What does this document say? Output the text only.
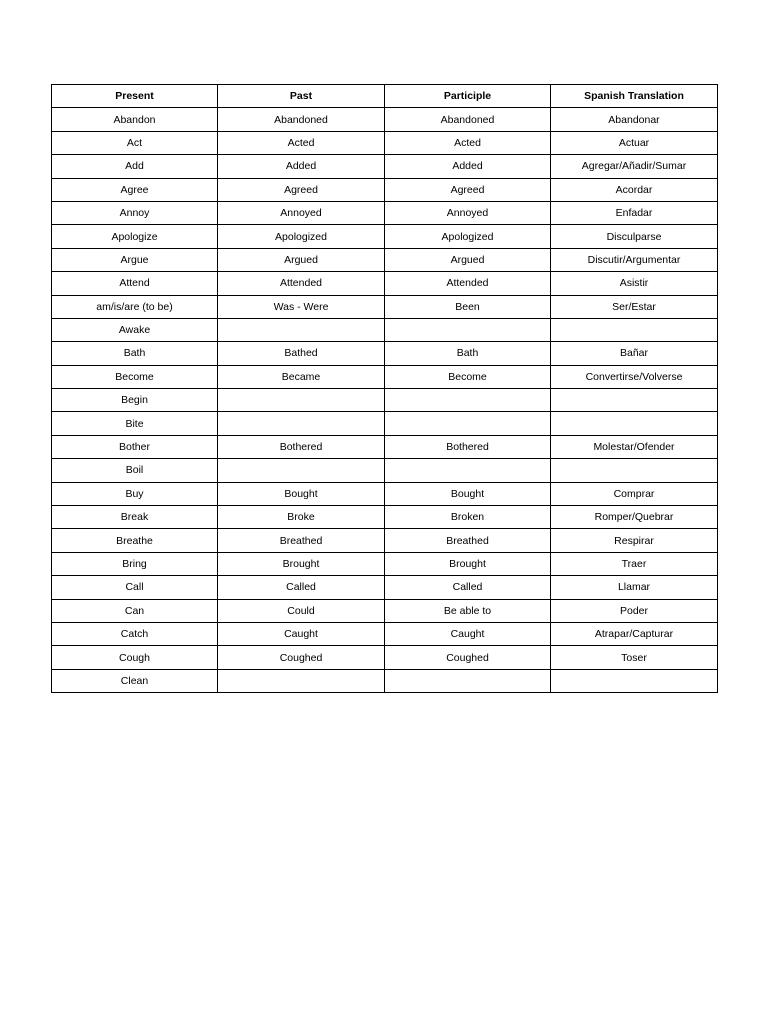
Present	Past	Participle	Spanish Translation
Abandon	Abandoned	Abandoned	Abandonar
Act	Acted	Acted	Actuar
Add	Added	Added	Agregar/Añadir/Sumar
Agree	Agreed	Agreed	Acordar
Annoy	Annoyed	Annoyed	Enfadar
Apologize	Apologized	Apologized	Disculparse
Argue	Argued	Argued	Discutir/Argumentar
Attend	Attended	Attended	Asistir
am/is/are (to be)	Was - Were	Been	Ser/Estar
Awake			
Bath	Bathed	Bath	Bañar
Become	Became	Become	Convertirse/Volverse
Begin			
Bite			
Bother	Bothered	Bothered	Molestar/Ofender
Boil			
Buy	Bought	Bought	Comprar
Break	Broke	Broken	Romper/Quebrar
Breathe	Breathed	Breathed	Respirar
Bring	Brought	Brought	Traer
Call	Called	Called	Llamar
Can	Could	Be able to	Poder
Catch	Caught	Caught	Atrapar/Capturar
Cough	Coughed	Coughed	Toser
Clean			
